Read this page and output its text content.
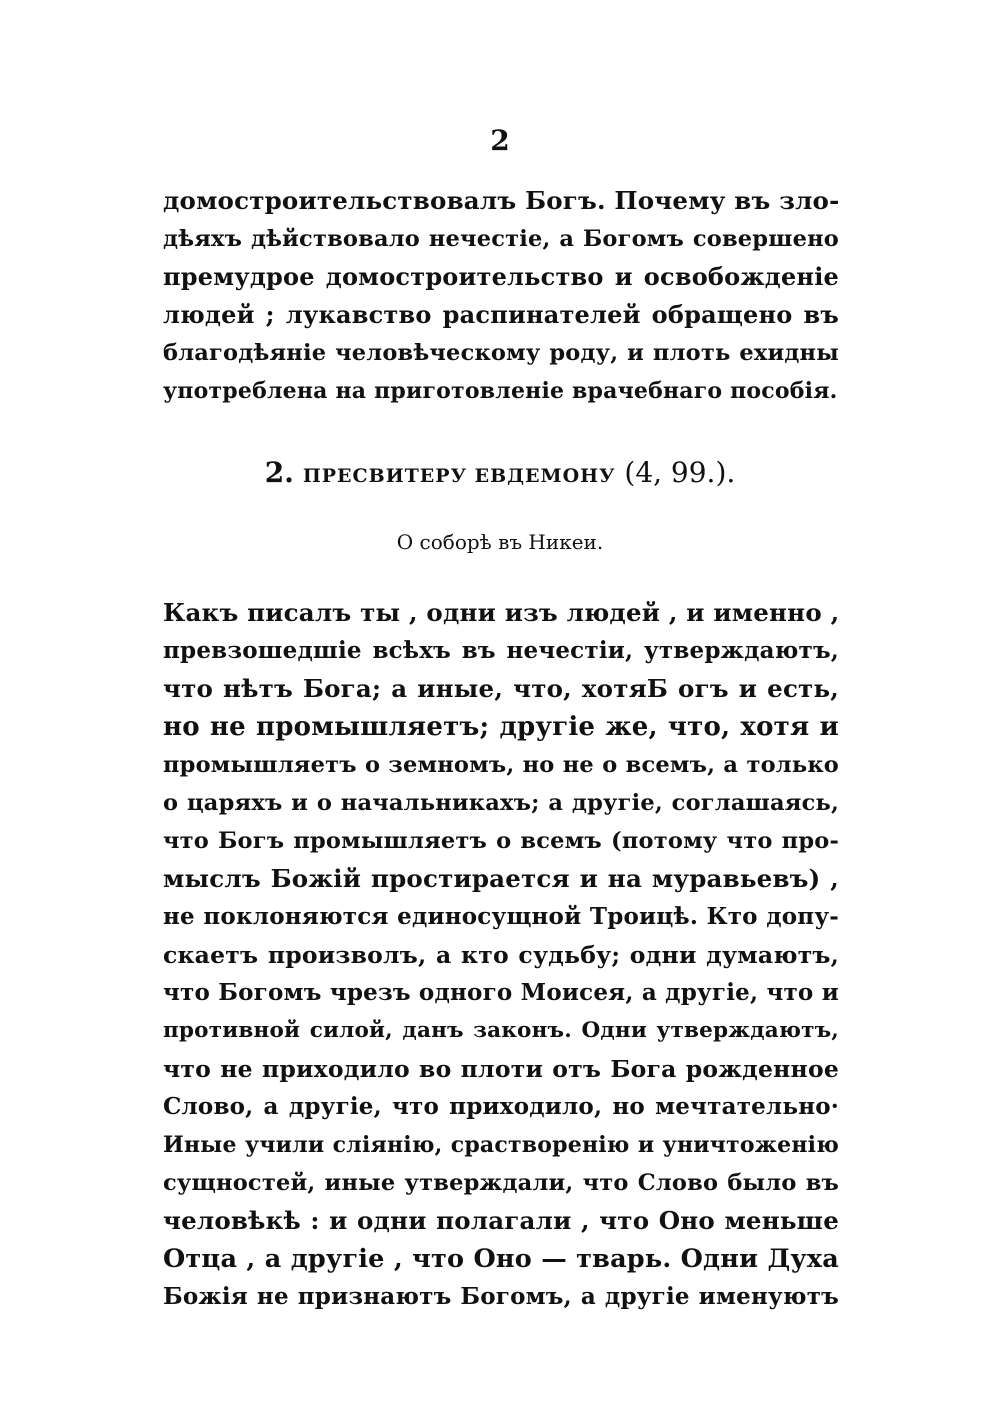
2
домостроительствовалъ Богъ. Почему въ зло-
дѣяхъ дѣйствовало нечестіе, а Богомъ совершено
премудрое домостроительство и освобожденіе
людей ; лукавство распинателей обращено въ
благодѣяніе человѣческому роду, и плоть ехидны
употреблена на приготовленіе врачебнаго пособія.
2. ПРЕСВИТЕРУ ЕВДЕМОНУ (4, 99.).
О соборѣ въ Никеи.
Какъ писалъ ты , одни изъ людей , и именно ,
превзошедшіе всѣхъ въ нечестіи, утверждаютъ,
что нѣтъ Бога; а иные, что, хотяБ огъ и есть,
но не промышляетъ; другіе же, что, хотя и
промышляетъ о земномъ, но не о всемъ, а только
о царяхъ и о начальникахъ; а другіе, соглашаясь,
что Богъ промышляетъ о всемъ (потому что про-
мыслъ Божій простирается и на муравьевъ) ,
не поклоняются единосущной Троицѣ. Кто допу-
скаетъ произволъ, а кто судьбу; одни думаютъ,
что Богомъ чрезъ одного Моисея, а другіе, что и
противной силой, данъ законъ. Одни утверждаютъ,
что не приходило во плоти отъ Бога рожденное
Слово, а другіе, что приходило, но мечтательно·
Иные учили сліянію, срастворенію и уничтоженію
сущностей, иные утверждали, что Слово было въ
человѣкѣ : и одни полагали , что Оно меньше
Отца , а другіе , что Оно — тварь. Одни Духа
Божія не признаютъ Богомъ, а другіе именуютъ
